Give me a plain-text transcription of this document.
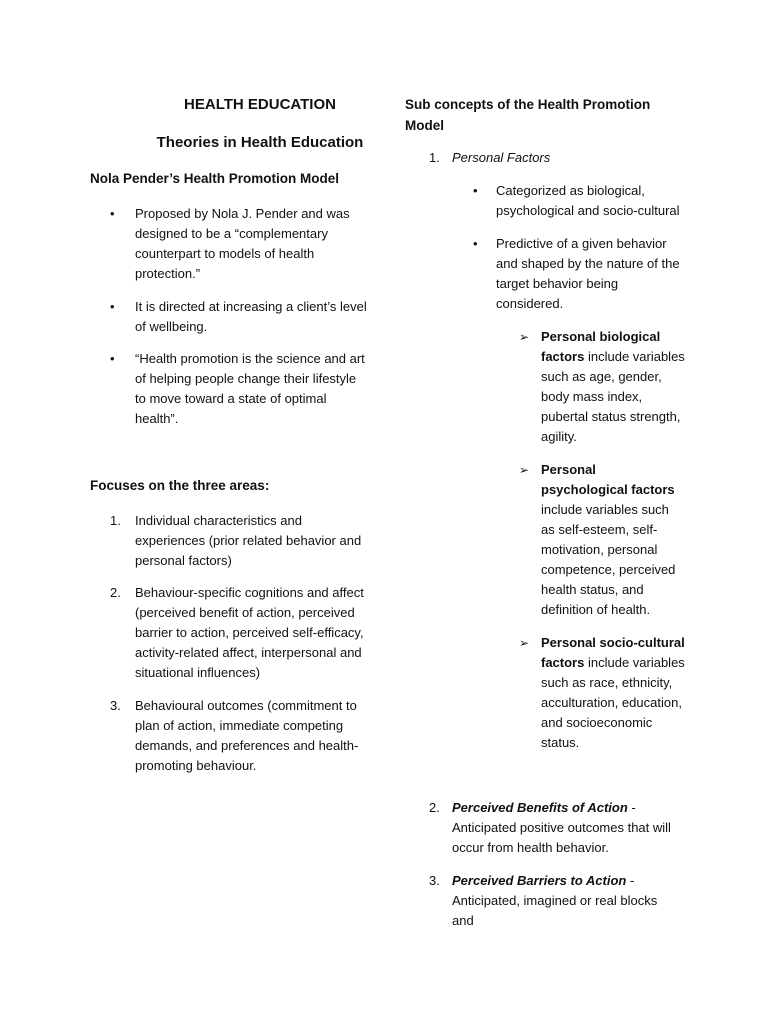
HEALTH EDUCATION
Theories in Health Education
Nola Pender’s Health Promotion Model
• Proposed by Nola J. Pender and was designed to be a “complementary counterpart to models of health protection.”
• It is directed at increasing a client’s level of wellbeing.
• “Health promotion is the science and art of helping people change their lifestyle to move toward a state of optimal health”.
Focuses on the three areas:
1. Individual characteristics and experiences (prior related behavior and personal factors)
2. Behaviour-specific cognitions and affect (perceived benefit of action, perceived barrier to action, perceived self-efficacy, activity-related affect, interpersonal and situational influences)
3. Behavioural outcomes (commitment to plan of action, immediate competing demands, and preferences and health-promoting behaviour.
Sub concepts of the Health Promotion Model
1. Personal Factors
• Categorized as biological, psychological and socio-cultural
• Predictive of a given behavior and shaped by the nature of the target behavior being considered.
➢ Personal biological factors include variables such as age, gender, body mass index, pubertal status strength, agility.
➢ Personal psychological factors include variables such as self-esteem, self-motivation, personal competence, perceived health status, and definition of health.
➢ Personal socio-cultural factors include variables such as race, ethnicity, acculturation, education, and socioeconomic status.
2. Perceived Benefits of Action - Anticipated positive outcomes that will occur from health behavior.
3. Perceived Barriers to Action - Anticipated, imagined or real blocks and
